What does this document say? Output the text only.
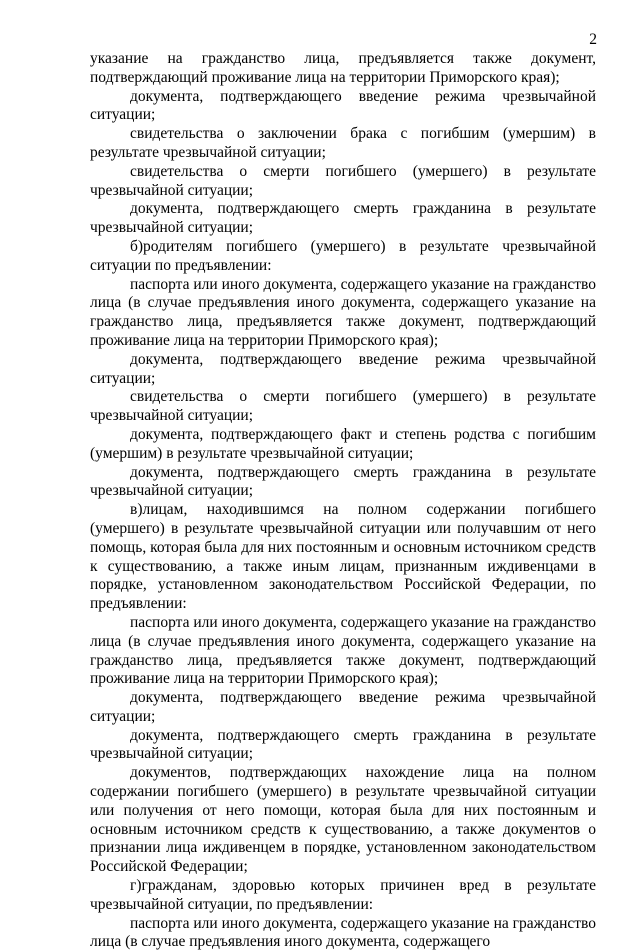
2

указание на гражданство лица, предъявляется также документ, подтверждающий проживание лица на территории Приморского края);

документа, подтверждающего введение режима чрезвычайной ситуации;

свидетельства о заключении брака с погибшим (умершим) в результате чрезвычайной ситуации;

свидетельства о смерти погибшего (умершего) в результате чрезвычайной ситуации;

документа, подтверждающего смерть гражданина в результате чрезвычайной ситуации;

б)родителям погибшего (умершего) в результате чрезвычайной ситуации по предъявлении:

паспорта или иного документа, содержащего указание на гражданство лица (в случае предъявления иного документа, содержащего указание на гражданство лица, предъявляется также документ, подтверждающий проживание лица на территории Приморского края);

документа, подтверждающего введение режима чрезвычайной ситуации;

свидетельства о смерти погибшего (умершего) в результате чрезвычайной ситуации;

документа, подтверждающего факт и степень родства с погибшим (умершим) в результате чрезвычайной ситуации;

документа, подтверждающего смерть гражданина в результате чрезвычайной ситуации;

в)лицам, находившимся на полном содержании погибшего (умершего) в результате чрезвычайной ситуации или получавшим от него помощь, которая была для них постоянным и основным источником средств к существованию, а также иным лицам, признанным иждивенцами в порядке, установленном законодательством Российской Федерации, по предъявлении:

паспорта или иного документа, содержащего указание на гражданство лица (в случае предъявления иного документа, содержащего указание на гражданство лица, предъявляется также документ, подтверждающий проживание лица на территории Приморского края);

документа, подтверждающего введение режима чрезвычайной ситуации;

документа, подтверждающего смерть гражданина в результате чрезвычайной ситуации;

документов, подтверждающих нахождение лица на полном содержании погибшего (умершего) в результате чрезвычайной ситуации или получения от него помощи, которая была для них постоянным и основным источником средств к существованию, а также документов о признании лица иждивенцем в порядке, установленном законодательством Российской Федерации;

г)гражданам, здоровью которых причинен вред в результате чрезвычайной ситуации, по предъявлении:

паспорта или иного документа, содержащего указание на гражданство лица (в случае предъявления иного документа, содержащего
